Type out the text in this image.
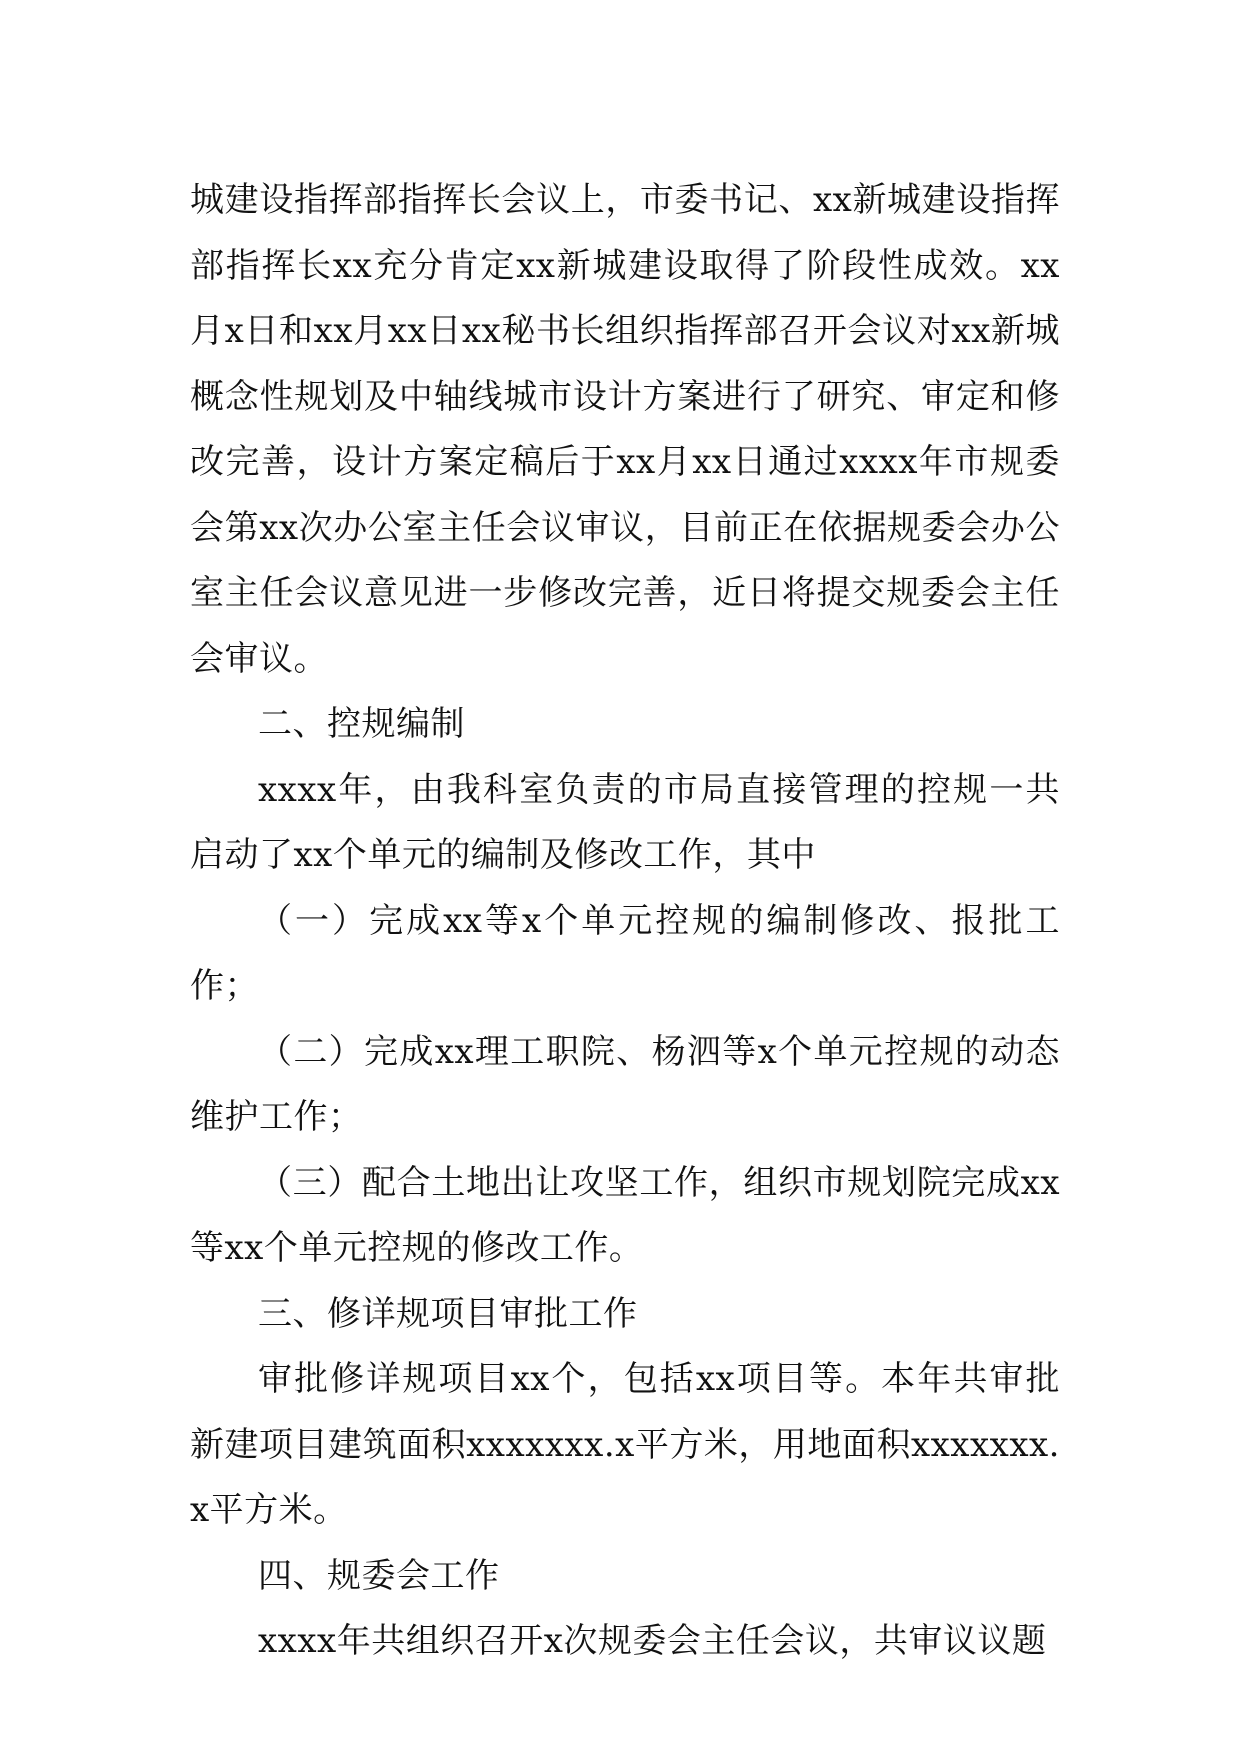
城建设指挥部指挥长会议上，市委书记、xx新城建设指挥部指挥长xx充分肯定xx新城建设取得了阶段性成效。xx月x日和xx月xx日xx秘书长组织指挥部召开会议对xx新城概念性规划及中轴线城市设计方案进行了研究、审定和修改完善，设计方案定稿后于xx月xx日通过xxxx年市规委会第xx次办公室主任会议审议，目前正在依据规委会办公室主任会议意见进一步修改完善，近日将提交规委会主任会审议。

二、控规编制

xxxx年，由我科室负责的市局直接管理的控规一共启动了xx个单元的编制及修改工作，其中

（一）完成xx等x个单元控规的编制修改、报批工作；

（二）完成xx理工职院、杨泗等x个单元控规的动态维护工作；

（三）配合土地出让攻坚工作，组织市规划院完成xx等xx个单元控规的修改工作。

三、修详规项目审批工作

审批修详规项目xx个，包括xx项目等。本年共审批新建项目建筑面积xxxxxxx.x平方米，用地面积xxxxxxx.x平方米。

四、规委会工作

xxxx年共组织召开x次规委会主任会议，共审议议题
